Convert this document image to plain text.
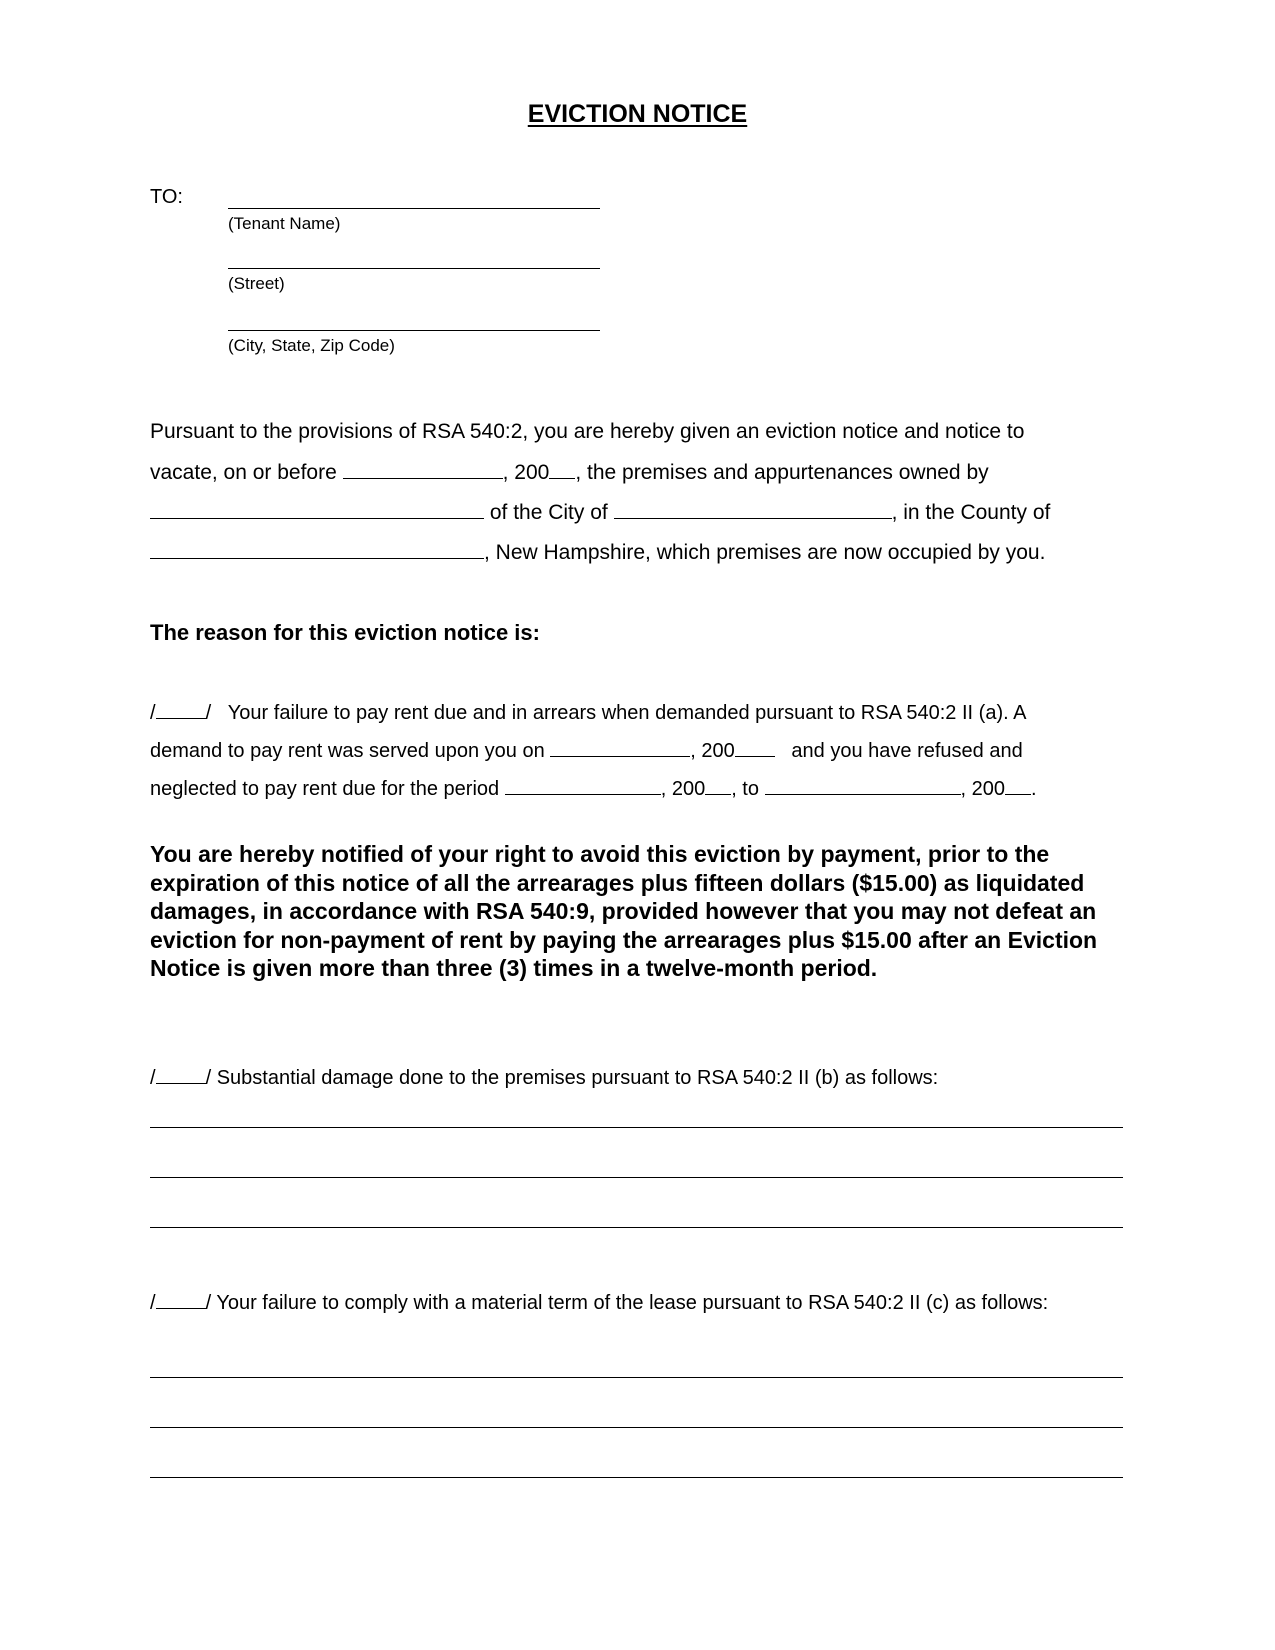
EVICTION NOTICE
TO:
(Tenant Name)
(Street)
(City, State, Zip Code)
Pursuant to the provisions of RSA 540:2, you are hereby given an eviction notice and notice to
vacate, on or before	, 200 , the premises and appurtenances owned by
of the City of	, in the County of
, New Hampshire, which premises are now occupied by you.
The reason for this eviction notice is:
/	/ Your failure to pay rent due and in arrears when demanded pursuant to RSA 540:2 II (a). A
demand to pay rent was served upon you on	, 200	and you have refused and
neglected to pay rent due for the period	, 200 , to	, 200 .
You are hereby notified of your right to avoid this eviction by payment, prior to the expiration of this notice of all the arrearages plus fifteen dollars ($15.00) as liquidated damages, in accordance with RSA 540:9, provided however that you may not defeat an eviction for non-payment of rent by paying the arrearages plus $15.00 after an Eviction Notice is given more than three (3) times in a twelve-month period.
/	/ Substantial damage done to the premises pursuant to RSA 540:2 II (b) as follows:
/	/ Your failure to comply with a material term of the lease pursuant to RSA 540:2 II (c) as follows:
